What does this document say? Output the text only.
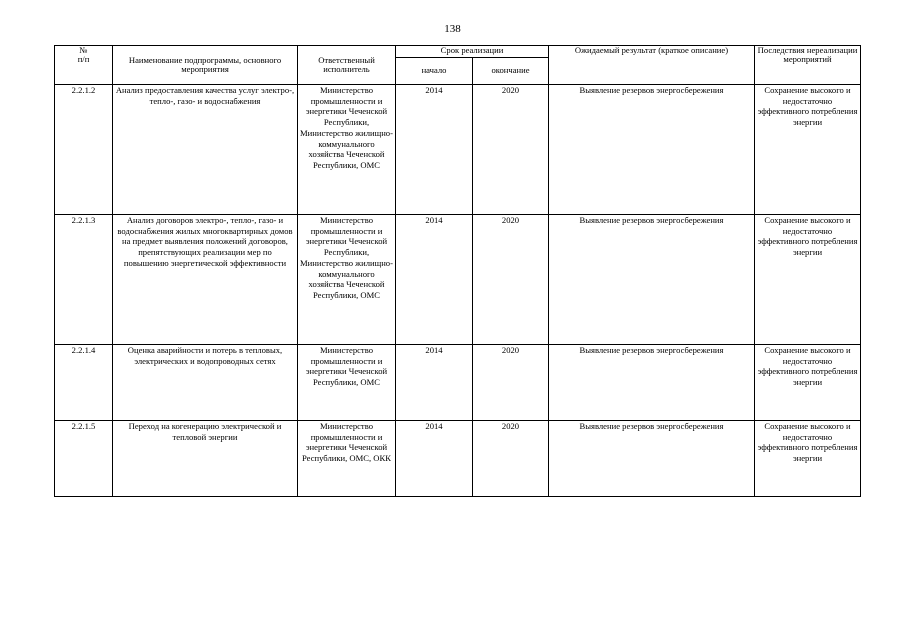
138
№
п/п	Наименование подпрограммы, основного мероприятия	Ответственный исполнитель	Срок реализации		Ожидаемый результат (краткое описание)	Последствия нереализации мероприятий
			начало	окончание		
2.2.1.2	Анализ предоставления качества услуг электро-, тепло-, газо- и водоснабжения	Министерство промышленности и энергетики Чеченской Республики, Министерство жилищно-коммунального хозяйства Чеченской Республики, ОМС	2014	2020	Выявление резервов энергосбережения	Сохранение высокого и недостаточно эффективного потребления энергии
2.2.1.3	Анализ договоров электро-, тепло-, газо- и водоснабжения жилых многоквартирных домов на предмет выявления положений договоров, препятствующих реализации мер по повышению энергетической эффективности	Министерство промышленности и энергетики Чеченской Республики, Министерство жилищно-коммунального хозяйства Чеченской Республики, ОМС	2014	2020	Выявление резервов энергосбережения	Сохранение высокого и недостаточно эффективного потребления энергии
2.2.1.4	Оценка аварийности и потерь в тепловых, электрических и водопроводных сетях	Министерство промышленности и энергетики Чеченской Республики, ОМС	2014	2020	Выявление резервов энергосбережения	Сохранение высокого и недостаточно эффективного потребления энергии
2.2.1.5	Переход на когенерацию электрической и тепловой энергии	Министерство промышленности и энергетики Чеченской Республики, ОМС, ОКК	2014	2020	Выявление резервов энергосбережения	Сохранение высокого и недостаточно эффективного потребления энергии
